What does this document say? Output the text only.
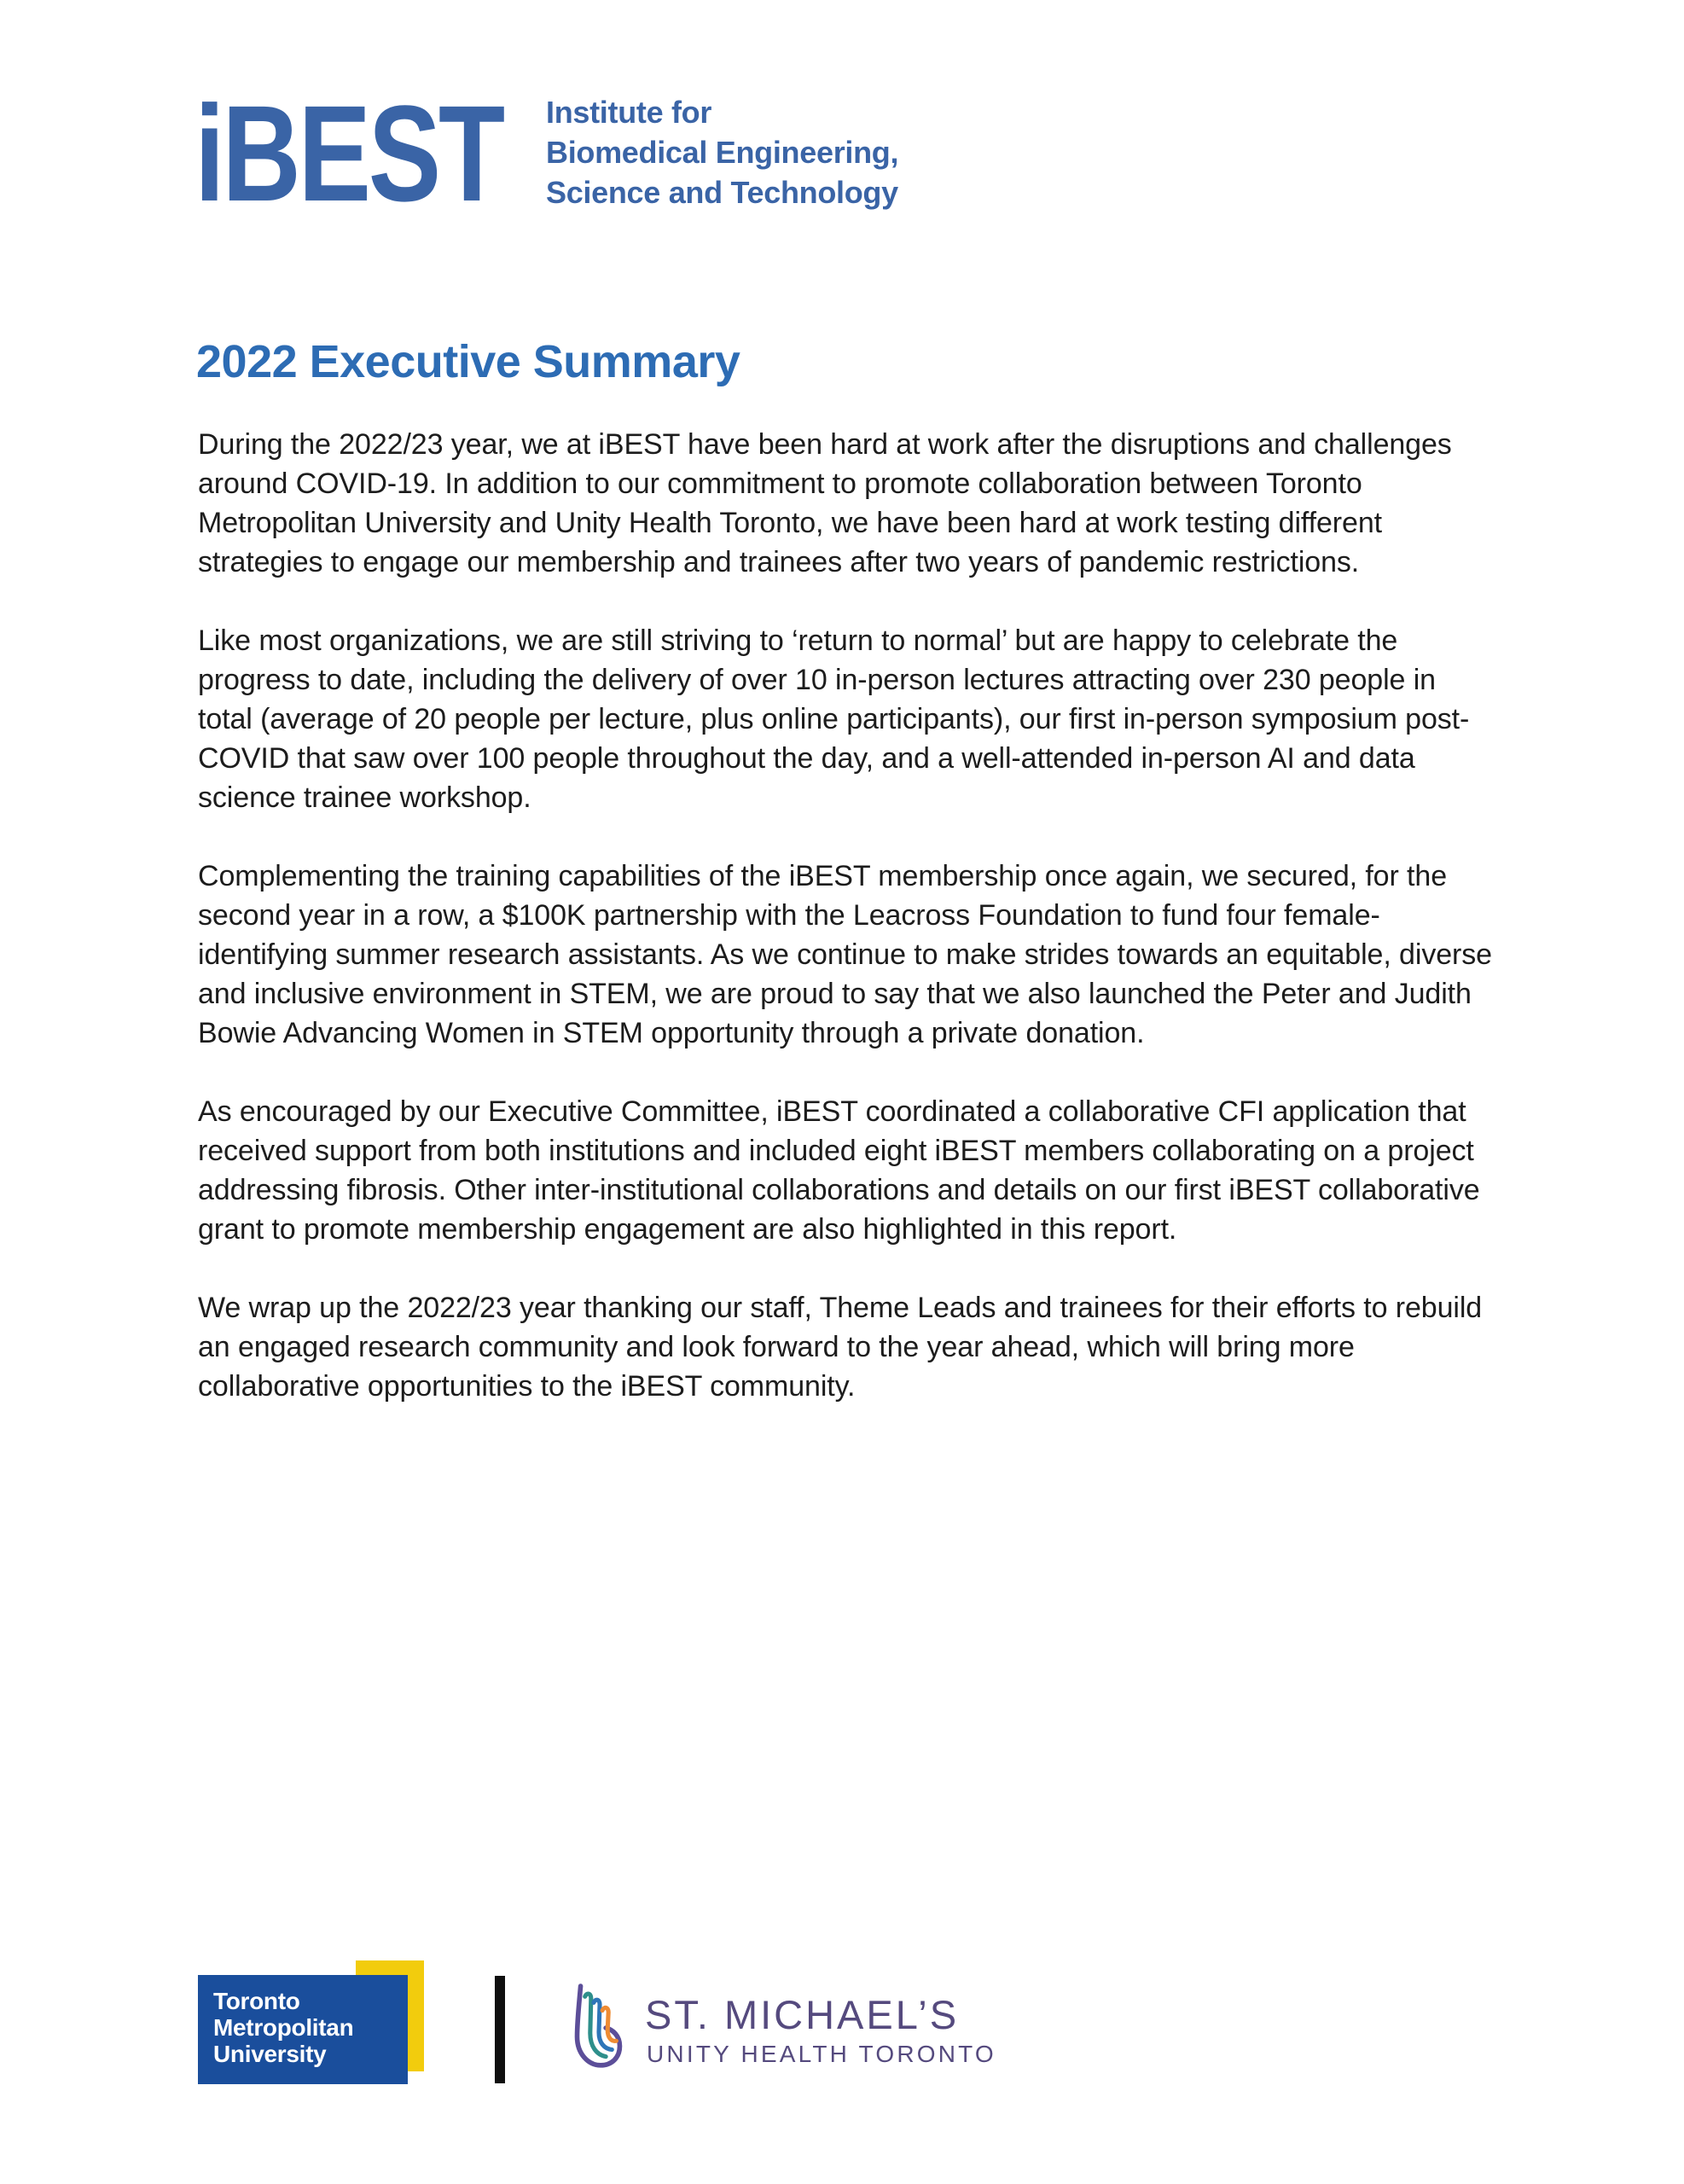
iBEST Institute for
Biomedical Engineering,
Science and Technology
2022 Executive Summary

During the 2022/23 year, we at iBEST have been hard at work after the disruptions and challenges around COVID-19. In addition to our commitment to promote collaboration between Toronto Metropolitan University and Unity Health Toronto, we have been hard at work testing different strategies to engage our membership and trainees after two years of pandemic restrictions.

Like most organizations, we are still striving to ‘return to normal’ but are happy to celebrate the progress to date, including the delivery of over 10 in-person lectures attracting over 230 people in total (average of 20 people per lecture, plus online participants), our first in-person symposium post-COVID that saw over 100 people throughout the day, and a well-attended in-person AI and data science trainee workshop.

Complementing the training capabilities of the iBEST membership once again, we secured, for the second year in a row, a $100K partnership with the Leacross Foundation to fund four female-identifying summer research assistants. As we continue to make strides towards an equitable, diverse and inclusive environment in STEM, we are proud to say that we also launched the Peter and Judith Bowie Advancing Women in STEM opportunity through a private donation.

As encouraged by our Executive Committee, iBEST coordinated a collaborative CFI application that received support from both institutions and included eight iBEST members collaborating on a project addressing fibrosis. Other inter-institutional collaborations and details on our first iBEST collaborative grant to promote membership engagement are also highlighted in this report.

We wrap up the 2022/23 year thanking our staff, Theme Leads and trainees for their efforts to rebuild an engaged research community and look forward to the year ahead, which will bring more collaborative opportunities to the iBEST community.

Toronto
Metropolitan
University
ST. MICHAEL’S
UNITY HEALTH TORONTO
